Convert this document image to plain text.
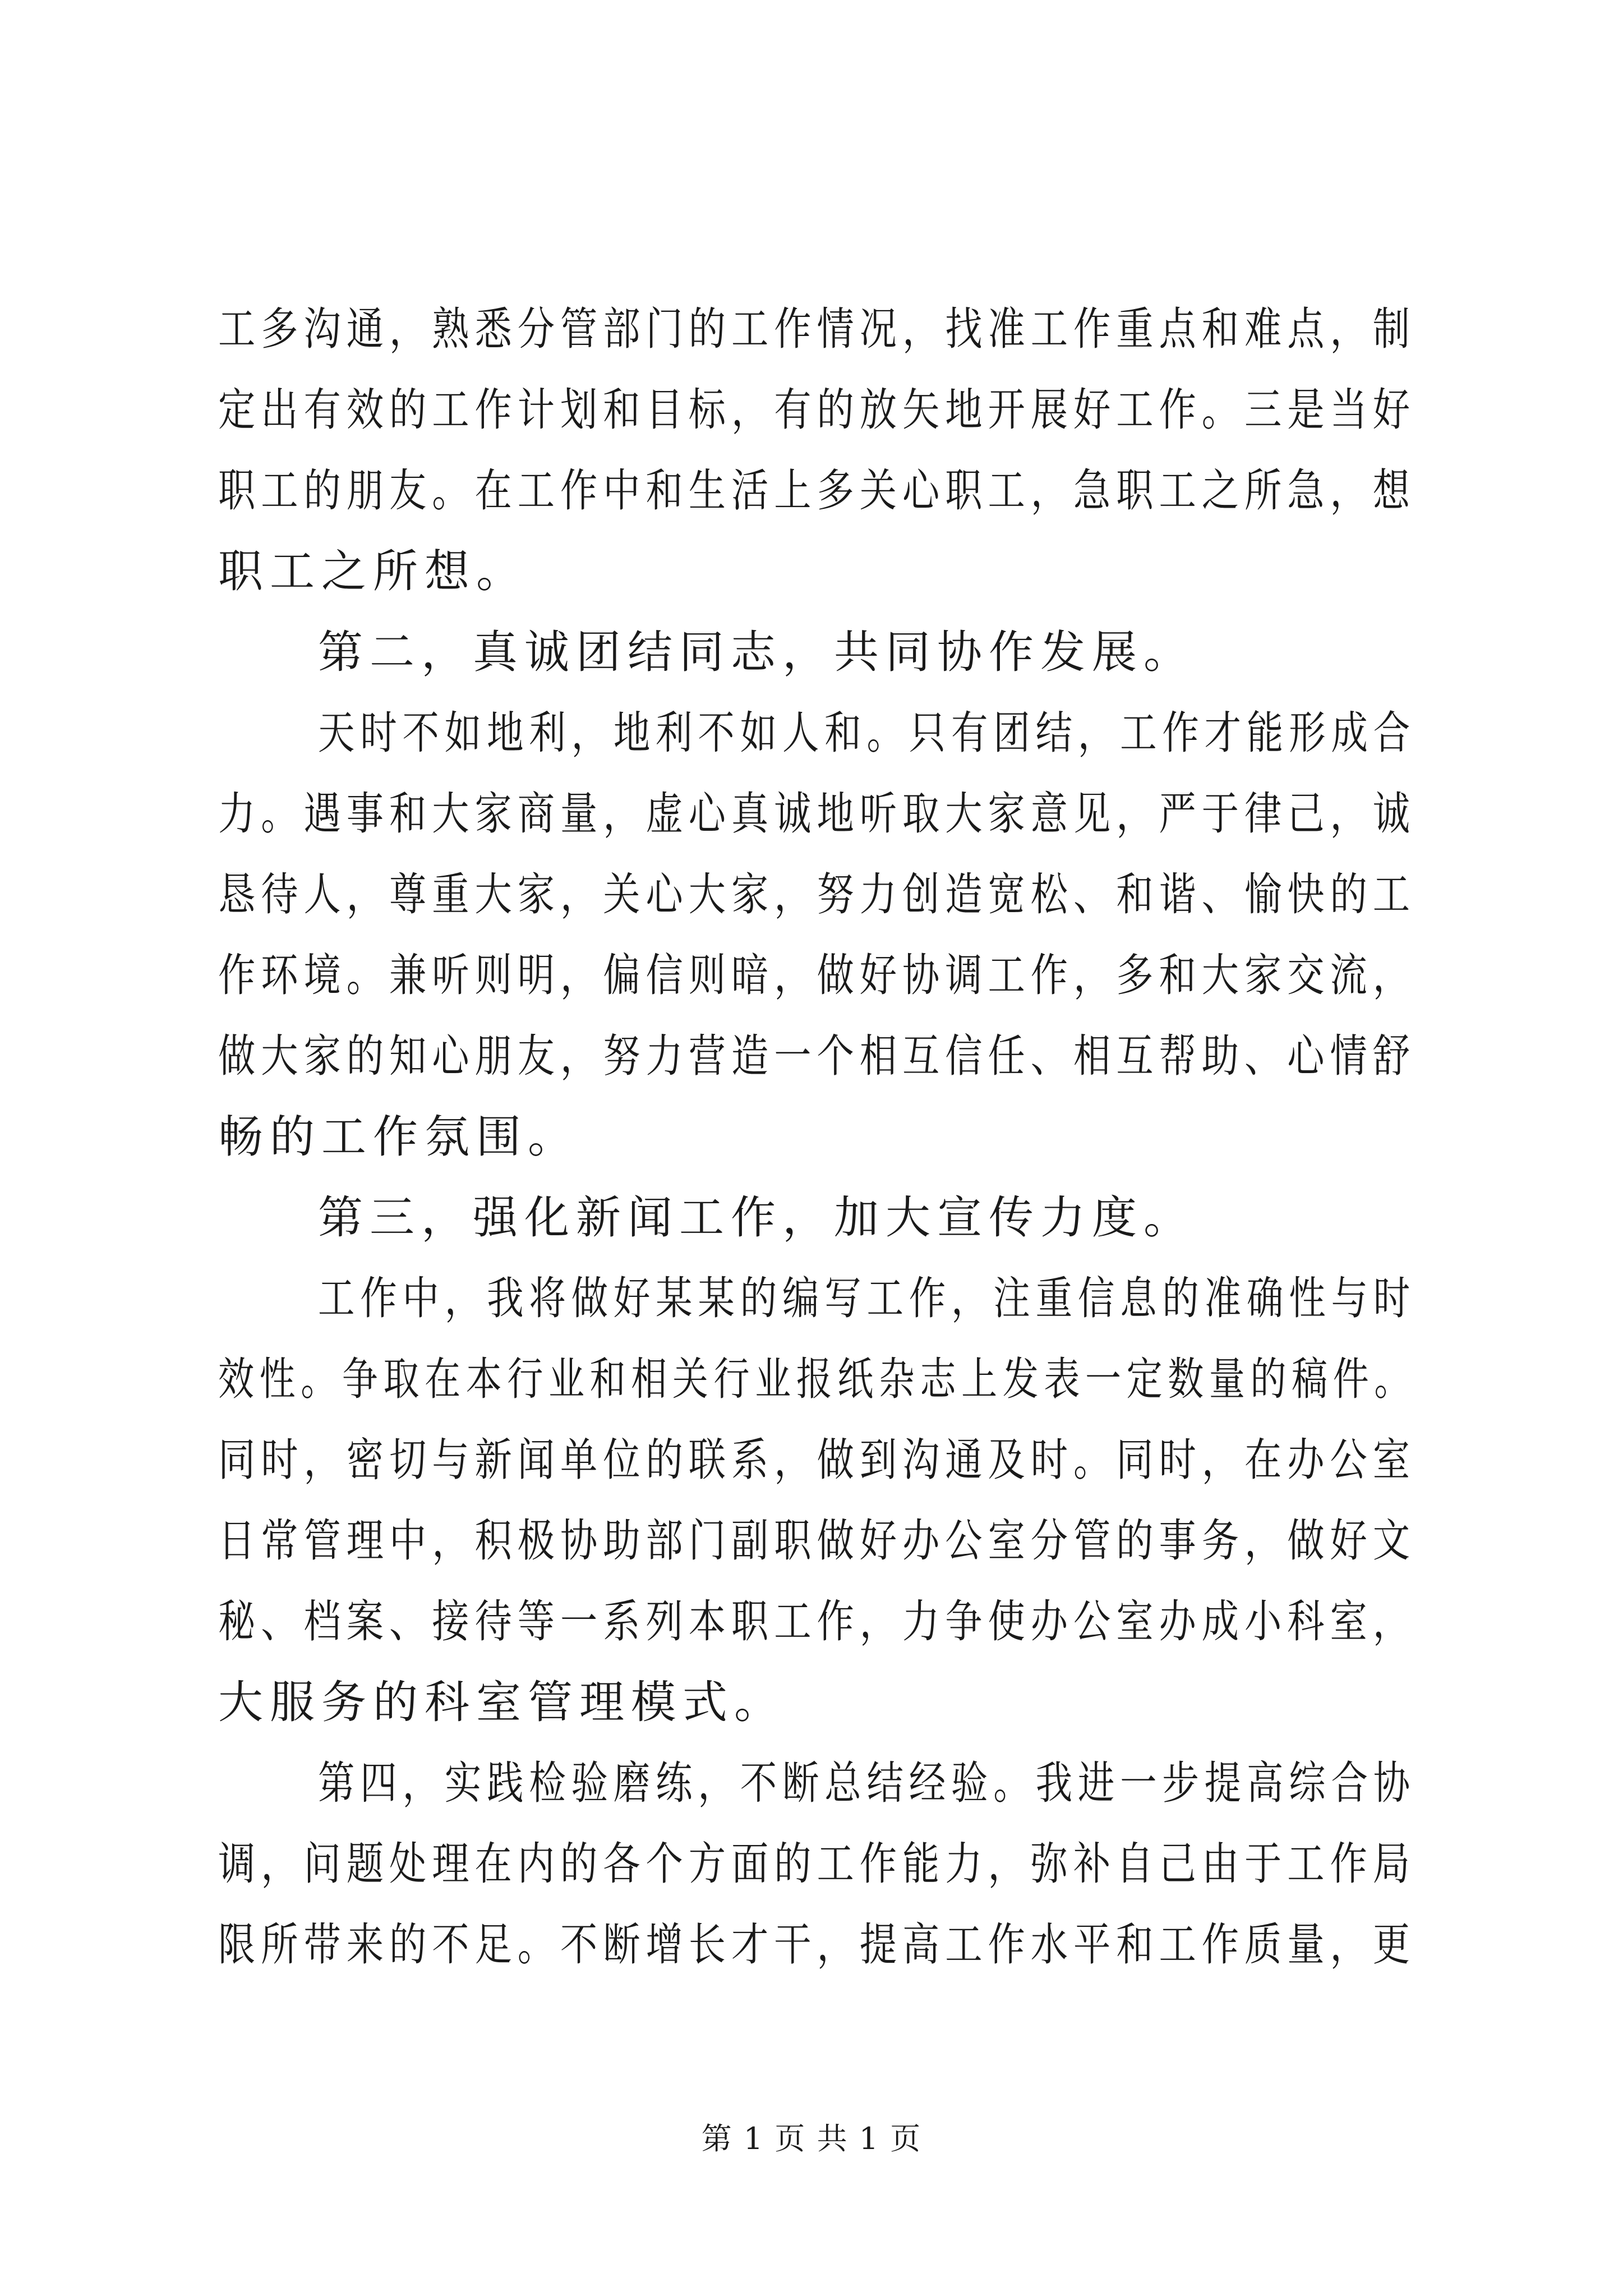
工多沟通，熟悉分管部门的工作情况，找准工作重点和难点，制
定出有效的工作计划和目标，有的放矢地开展好工作。三是当好
职工的朋友。在工作中和生活上多关心职工，急职工之所急，想
职工之所想。
第二，真诚团结同志，共同协作发展。
天时不如地利，地利不如人和。只有团结，工作才能形成合
力。遇事和大家商量，虚心真诚地听取大家意见，严于律己，诚
恳待人，尊重大家，关心大家，努力创造宽松、和谐、愉快的工
作环境。兼听则明，偏信则暗，做好协调工作，多和大家交流，
做大家的知心朋友，努力营造一个相互信任、相互帮助、心情舒
畅的工作氛围。
第三，强化新闻工作，加大宣传力度。
工作中，我将做好某某的编写工作，注重信息的准确性与时
效性。争取在本行业和相关行业报纸杂志上发表一定数量的稿件。
同时，密切与新闻单位的联系，做到沟通及时。同时，在办公室
日常管理中，积极协助部门副职做好办公室分管的事务，做好文
秘、档案、接待等一系列本职工作，力争使办公室办成小科室，
大服务的科室管理模式。
第四，实践检验磨练，不断总结经验。我进一步提高综合协
调，问题处理在内的各个方面的工作能力，弥补自己由于工作局
限所带来的不足。不断增长才干，提高工作水平和工作质量，更
第 1 页 共 1 页
